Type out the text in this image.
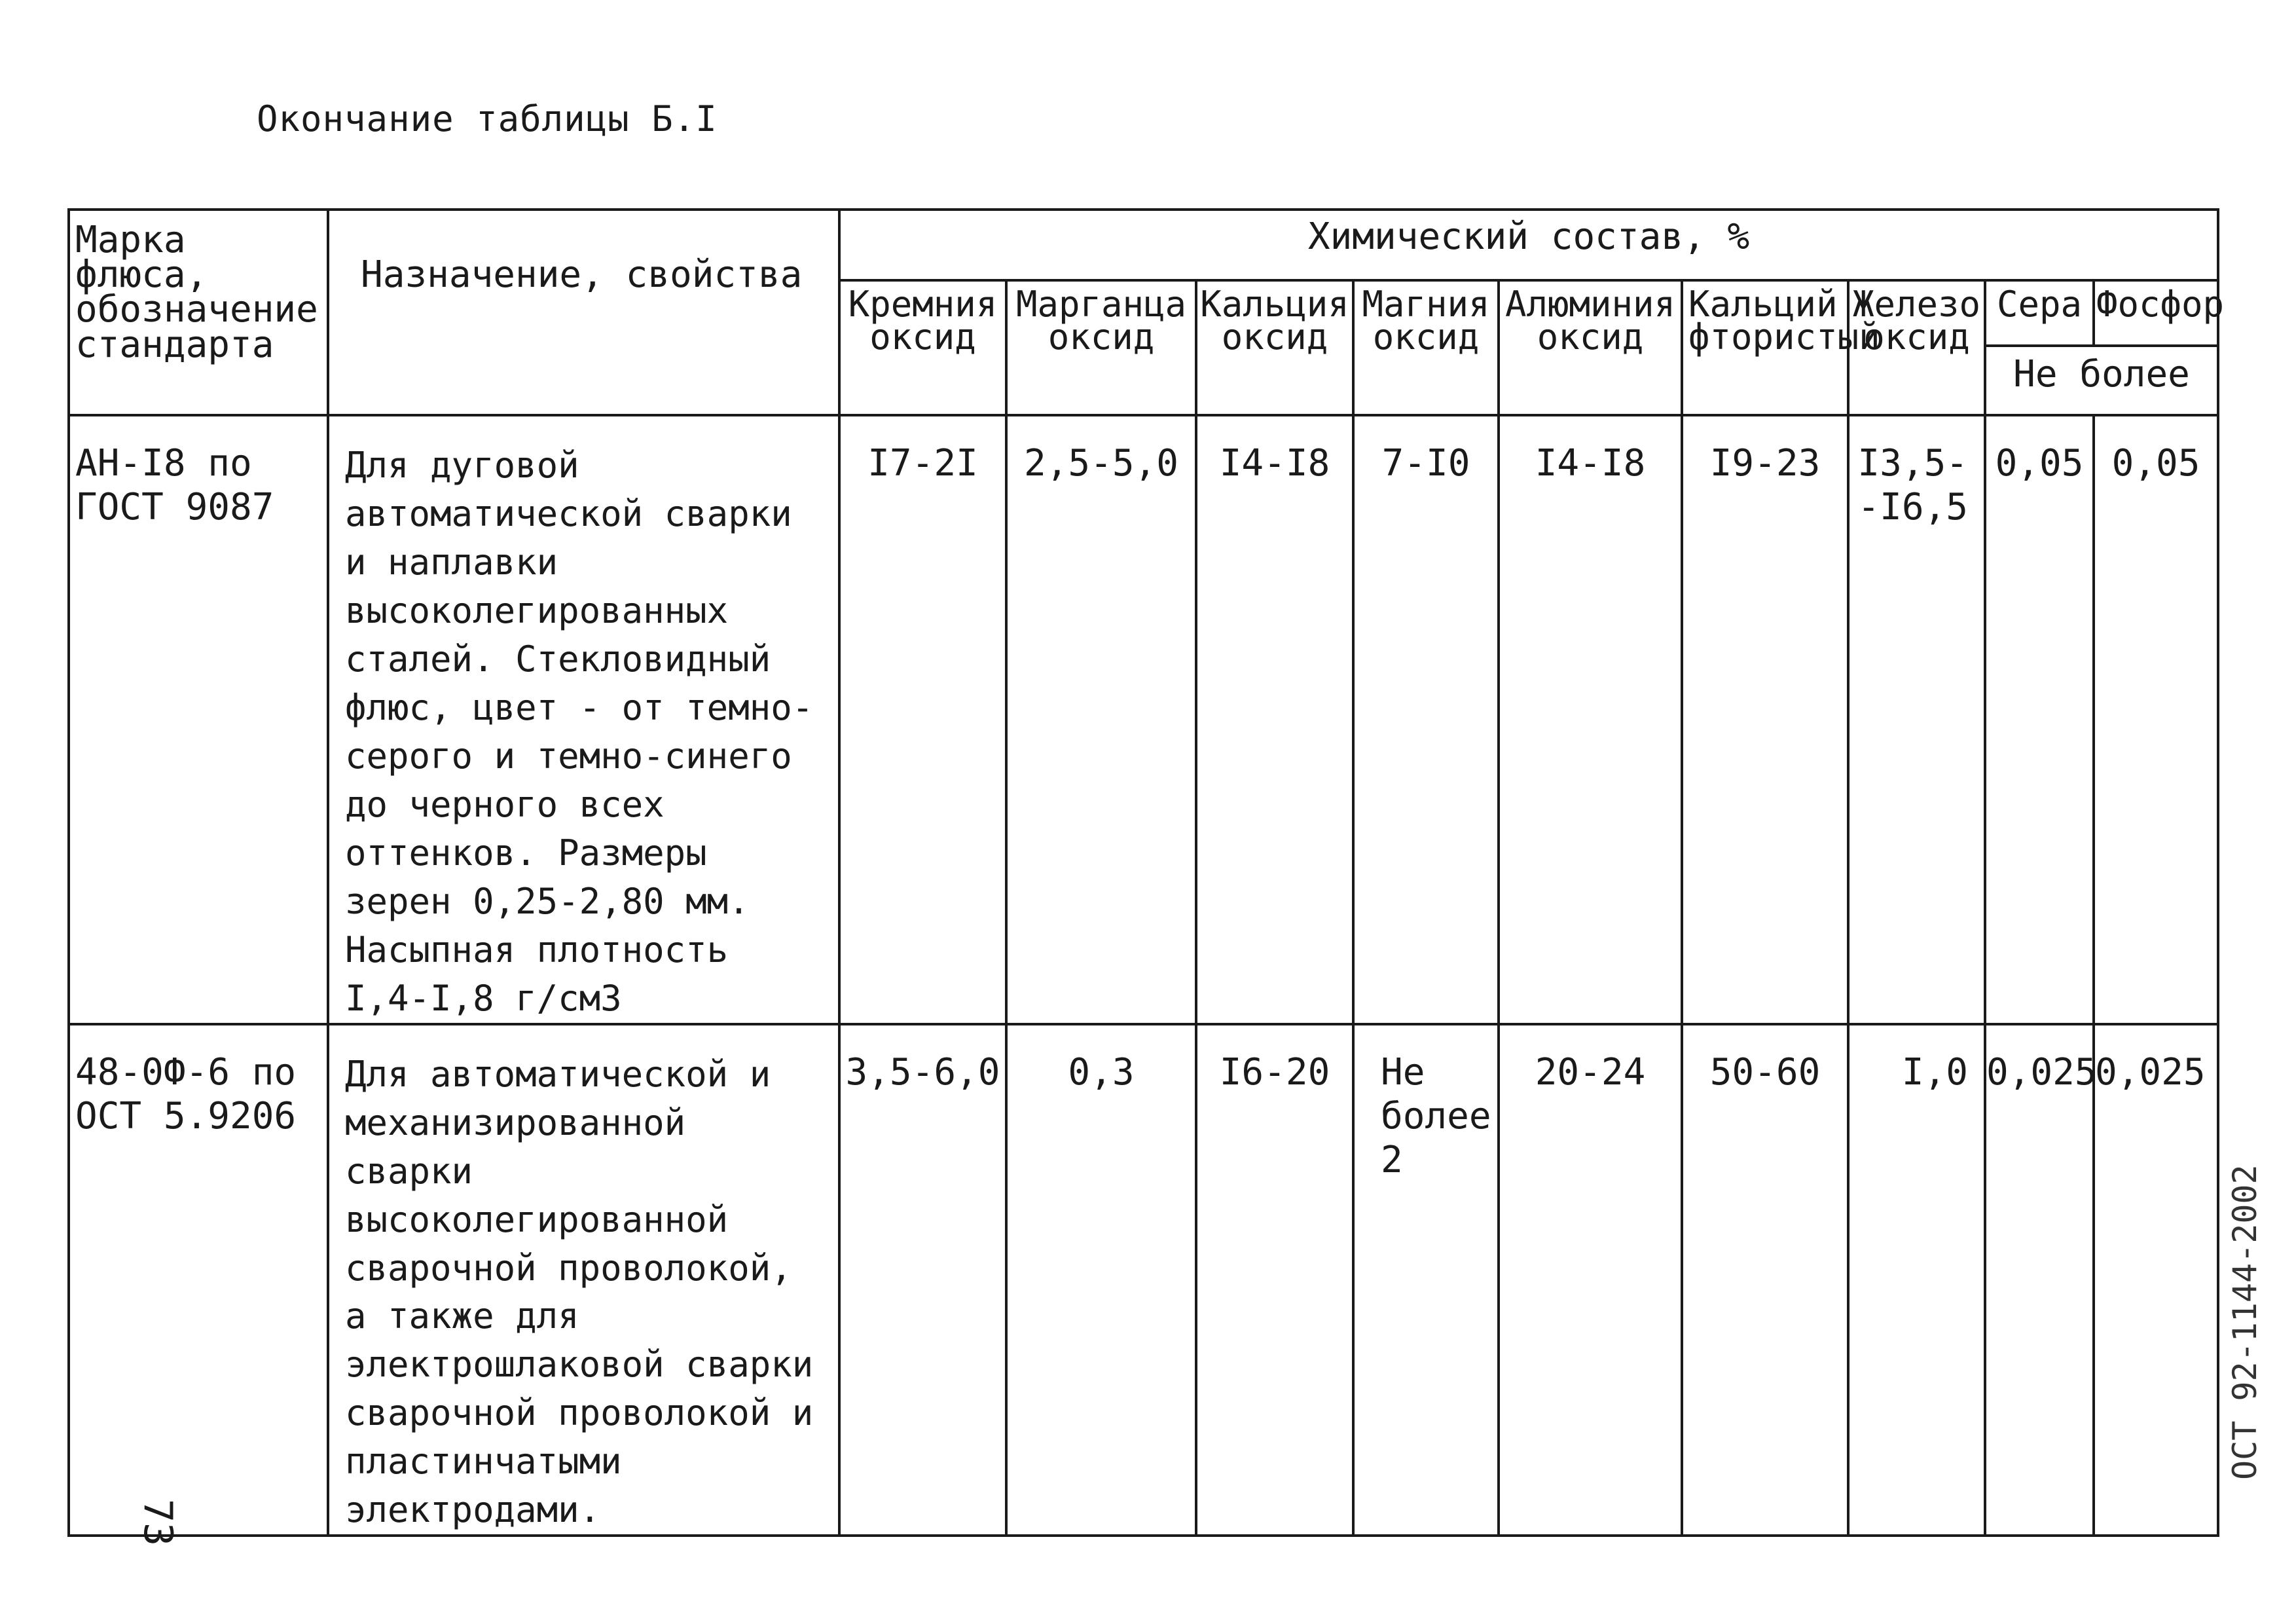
Окончание таблицы Б.I
Марка флюса, обозначение стандарта	Назначение, свойства	Химический состав, %								
		Кремния оксид	Марганца оксид	Кальция оксид	Магния оксид	Алюминия оксид	Кальций фтористый	Железо оксид	Сера	Фосфор
									Не более	
АН-I8 по ГОСТ 9087	Для дуговой автоматической сварки и наплавки высоколегированных сталей. Стекловидный флюс, цвет - от темно-серого и темно-синего до черного всех оттенков. Размеры зерен 0,25-2,80 мм. Насыпная плотность I,4-I,8 г/см3	I7-2I	2,5-5,0	I4-I8	7-I0	I4-I8	I9-23	I3,5--I6,5	0,05	0,05
48-0Ф-6 по ОСТ 5.9206	Для автоматической и механизированной сварки высоколегированной сварочной проволокой, а также для электрошлаковой сварки сварочной проволокой и пластинчатыми электродами.	3,5-6,0	0,3	I6-20	Не более 2	20-24	50-60	I,0	0,025	0,025
ОСТ 92-1144-2002
73
